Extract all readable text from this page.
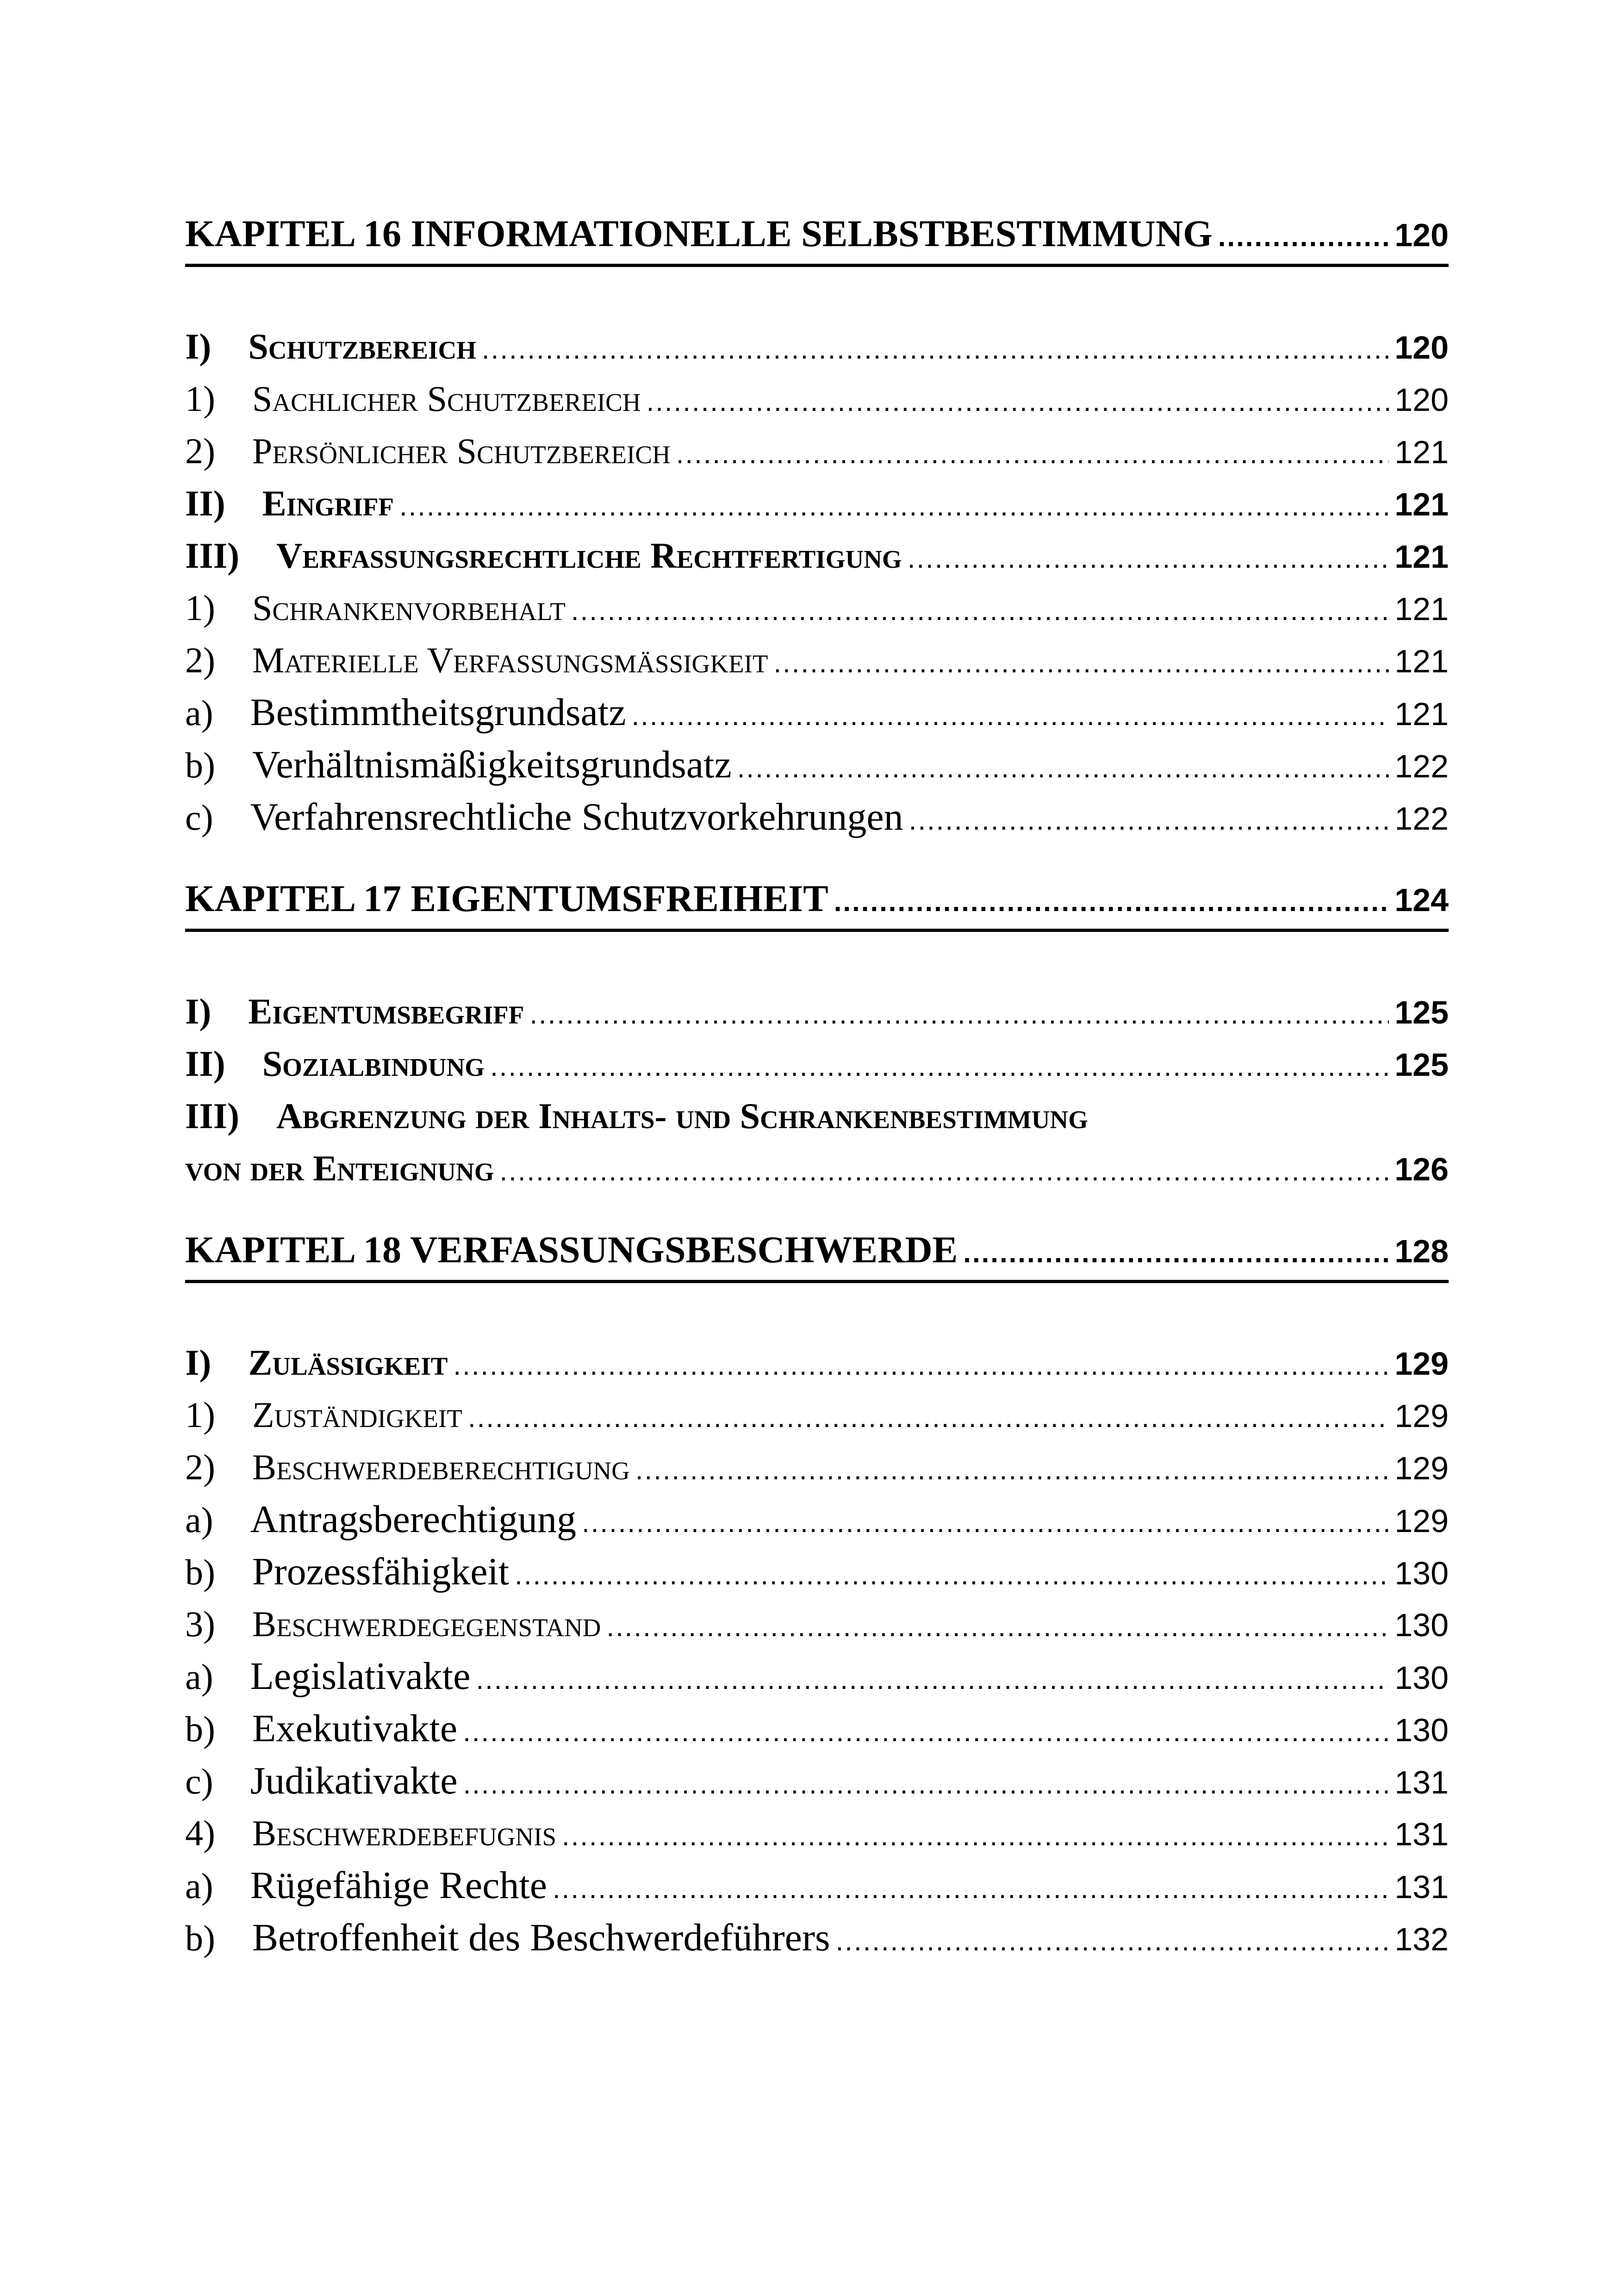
KAPITEL 16 INFORMATIONELLE SELBSTBESTIMMUNG .....	120
I) Schutzbereich .....	120
1) Sachlicher Schutzbereich .....	120
2) Persönlicher Schutzbereich .....	121
II) Eingriff .....	121
III) Verfassungsrechtliche Rechtfertigung .....	121
1) Schrankenvorbehalt .....	121
2) Materielle Verfassungsmäßigkeit .....	121
a) Bestimmtheitsgrundsatz .....	121
b) Verhältnismäßigkeitsgrundsatz .....	122
c) Verfahrensrechtliche Schutzvorkehrungen .....	122
KAPITEL 17 EIGENTUMSFREIHEIT .....	124
I) Eigentumsbegriff .....	125
II) Sozialbindung .....	125
III) Abgrenzung der Inhalts- und Schrankenbestimmung
von der Enteignung .....	126
KAPITEL 18 VERFASSUNGSBESCHWERDE .....	128
I) Zulässigkeit .....	129
1) Zuständigkeit .....	129
2) Beschwerdeberechtigung .....	129
a) Antragsberechtigung .....	129
b) Prozessfähigkeit .....	130
3) Beschwerdegegenstand .....	130
a) Legislativakte .....	130
b) Exekutivakte .....	130
c) Judikativakte .....	131
4) Beschwerdebefugnis .....	131
a) Rügefähige Rechte .....	131
b) Betroffenheit des Beschwerdeführers .....	132
